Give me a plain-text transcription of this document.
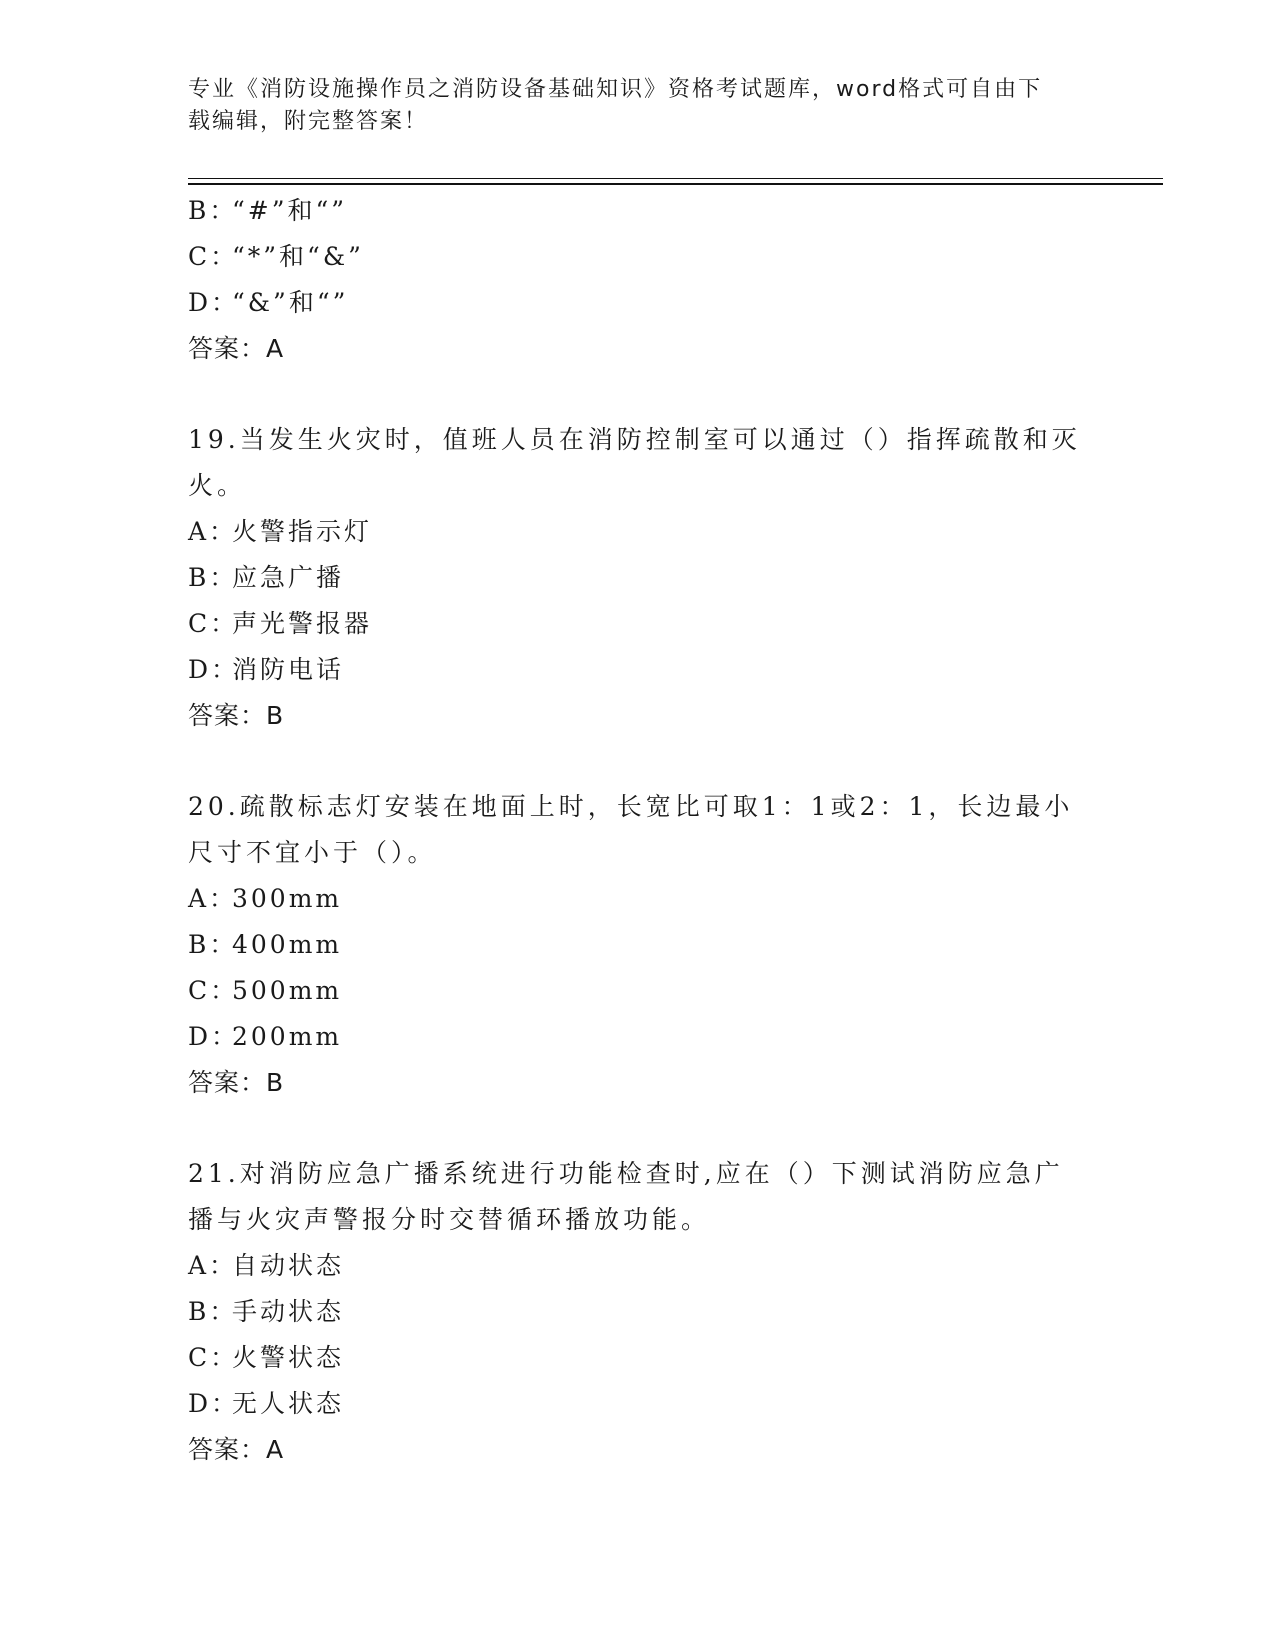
专业《消防设施操作员之消防设备基础知识》资格考试题库，word格式可自由下
载编辑，附完整答案！
B：“#”和“”
C：“*”和“&”
D：“&”和“”
答案：A
19.当发生火灾时，值班人员在消防控制室可以通过（）指挥疏散和灭
火。
A：火警指示灯
B：应急广播
C：声光警报器
D：消防电话
答案：B
20.疏散标志灯安装在地面上时，长宽比可取1：1或2：1，长边最小
尺寸不宜小于（）。
A：300mm
B：400mm
C：500mm
D：200mm
答案：B
21.对消防应急广播系统进行功能检查时,应在（）下测试消防应急广
播与火灾声警报分时交替循环播放功能。
A：自动状态
B：手动状态
C：火警状态
D：无人状态
答案：A
